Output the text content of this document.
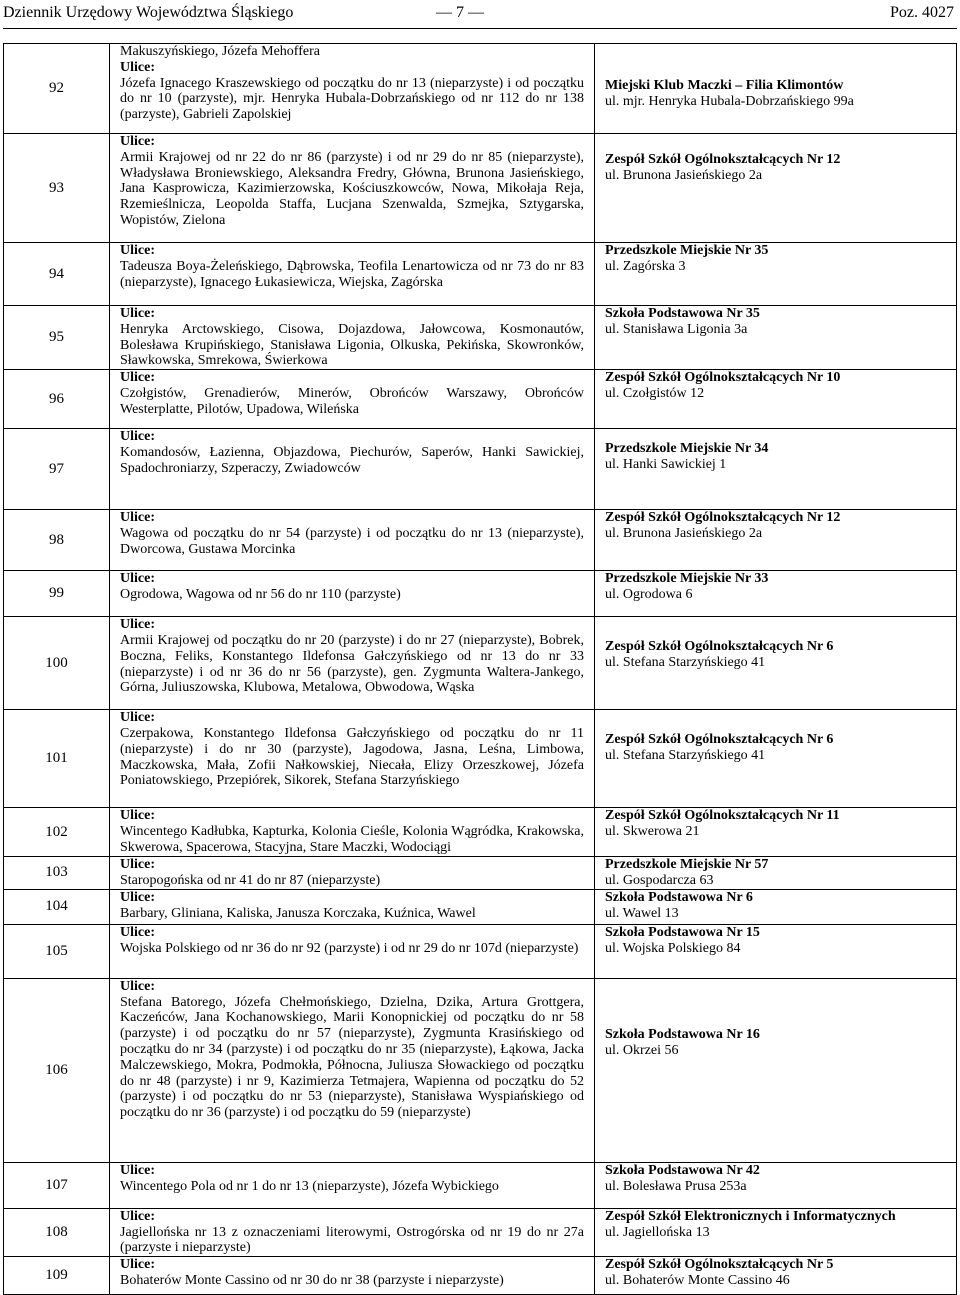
Dziennik Urzędowy Województwa Śląskiego	— 7 —	Poz. 4027
92	Makuszyńskiego, Józefa Mehoffera
Ulice:
Józefa Ignacego Kraszewskiego od początku do nr 13 (nieparzyste) i od początku do nr 10 (parzyste), mjr. Henryka Hubala-Dobrzańskiego od nr 112 do nr 138 (parzyste), Gabrieli Zapolskiej	Miejski Klub Maczki – Filia Klimontów
ul. mjr. Henryka Hubala-Dobrzańskiego 99a

93	Ulice:
Armii Krajowej od nr 22 do nr 86 (parzyste) i od nr 29 do nr 85 (nieparzyste), Władysława Broniewskiego, Aleksandra Fredry, Główna, Brunona Jasieńskiego, Jana Kasprowicza, Kazimierzowska, Kościuszkowców, Nowa, Mikołaja Reja, Rzemieślnicza, Leopolda Staffa, Lucjana Szenwalda, Szmejka, Sztygarska, Wopistów, Zielona	Zespół Szkół Ogólnokształcących Nr 12
ul. Brunona Jasieńskiego 2a

94	Ulice:
Tadeusza Boya-Żeleńskiego, Dąbrowska, Teofila Lenartowicza od nr 73 do nr 83 (nieparzyste), Ignacego Łukasiewicza, Wiejska, Zagórska	Przedszkole Miejskie Nr 35
ul. Zagórska 3

95	Ulice:
Henryka Arctowskiego, Cisowa, Dojazdowa, Jałowcowa, Kosmonautów, Bolesława Krupińskiego, Stanisława Ligonia, Olkuska, Pekińska, Skowronków, Sławkowska, Smrekowa, Świerkowa	Szkoła Podstawowa Nr 35
ul. Stanisława Ligonia 3a

96	Ulice:
Czołgistów, Grenadierów, Minerów, Obrońców Warszawy, Obrońców Westerplatte, Pilotów, Upadowa, Wileńska	Zespół Szkół Ogólnokształcących Nr 10
ul. Czołgistów 12

97	Ulice:
Komandosów, Łazienna, Objazdowa, Piechurów, Saperów, Hanki Sawickiej, Spadochroniarzy, Szperaczy, Zwiadowców	Przedszkole Miejskie Nr 34
ul. Hanki Sawickiej 1

98	Ulice:
Wagowa od początku do nr 54 (parzyste) i od początku do nr 13 (nieparzyste), Dworcowa, Gustawa Morcinka	Zespół Szkół Ogólnokształcących Nr 12
ul. Brunona Jasieńskiego 2a

99	Ulice:
Ogrodowa, Wagowa od nr 56 do nr 110 (parzyste)	Przedszkole Miejskie Nr 33
ul. Ogrodowa 6

100	Ulice:
Armii Krajowej od początku do nr 20 (parzyste) i do nr 27 (nieparzyste), Bobrek, Boczna, Feliks, Konstantego Ildefonsa Gałczyńskiego od nr 13 do nr 33 (nieparzyste) i od nr 36 do nr 56 (parzyste), gen. Zygmunta Waltera-Jankego, Górna, Juliuszowska, Klubowa, Metalowa, Obwodowa, Wąska	Zespół Szkół Ogólnokształcących Nr 6
ul. Stefana Starzyńskiego 41

101	Ulice:
Czerpakowa, Konstantego Ildefonsa Gałczyńskiego od początku do nr 11 (nieparzyste) i do nr 30 (parzyste), Jagodowa, Jasna, Leśna, Limbowa, Maczkowska, Mała, Zofii Nałkowskiej, Niecała, Elizy Orzeszkowej, Józefa Poniatowskiego, Przepiórek, Sikorek, Stefana Starzyńskiego	Zespół Szkół Ogólnokształcących Nr 6
ul. Stefana Starzyńskiego 41

102	Ulice:
Wincentego Kadłubka, Kapturka, Kolonia Cieśle, Kolonia Wągródka, Krakowska, Skwerowa, Spacerowa, Stacyjna, Stare Maczki, Wodociągi	Zespół Szkół Ogólnokształcących Nr 11
ul. Skwerowa 21

103	Ulice:
Staropogońska od nr 41 do nr 87 (nieparzyste)	Przedszkole Miejskie Nr 57
ul. Gospodarcza 63

104	Ulice:
Barbary, Gliniana, Kaliska, Janusza Korczaka, Kuźnica, Wawel	Szkoła Podstawowa Nr 6
ul. Wawel 13

105	Ulice:
Wojska Polskiego od nr 36 do nr 92 (parzyste) i od nr 29 do nr 107d (nieparzyste)	Szkoła Podstawowa Nr 15
ul. Wojska Polskiego 84

106	Ulice:
Stefana Batorego, Józefa Chełmońskiego, Dzielna, Dzika, Artura Grottgera, Kaczeńców, Jana Kochanowskiego, Marii Konopnickiej od początku do nr 58 (parzyste) i od początku do nr 57 (nieparzyste), Zygmunta Krasińskiego od początku do nr 34 (parzyste) i od początku do nr 35 (nieparzyste), Łąkowa, Jacka Malczewskiego, Mokra, Podmokła, Północna, Juliusza Słowackiego od początku do nr 48 (parzyste) i nr 9, Kazimierza Tetmajera, Wapienna od początku do 52 (parzyste) i od początku do nr 53 (nieparzyste), Stanisława Wyspiańskiego od początku do nr 36 (parzyste) i od początku do 59 (nieparzyste)	Szkoła Podstawowa Nr 16
ul. Okrzei 56

107	Ulice:
Wincentego Pola od nr 1 do nr 13 (nieparzyste), Józefa Wybickiego	Szkoła Podstawowa Nr 42
ul. Bolesława Prusa 253a

108	Ulice:
Jagiellońska nr 13 z oznaczeniami literowymi, Ostrogórska od nr 19 do nr 27a (parzyste i nieparzyste)	Zespół Szkół Elektronicznych i Informatycznych
ul. Jagiellońska 13

109	Ulice:
Bohaterów Monte Cassino od nr 30 do nr 38 (parzyste i nieparzyste)	Zespół Szkół Ogólnokształcących Nr 5
ul. Bohaterów Monte Cassino 46
